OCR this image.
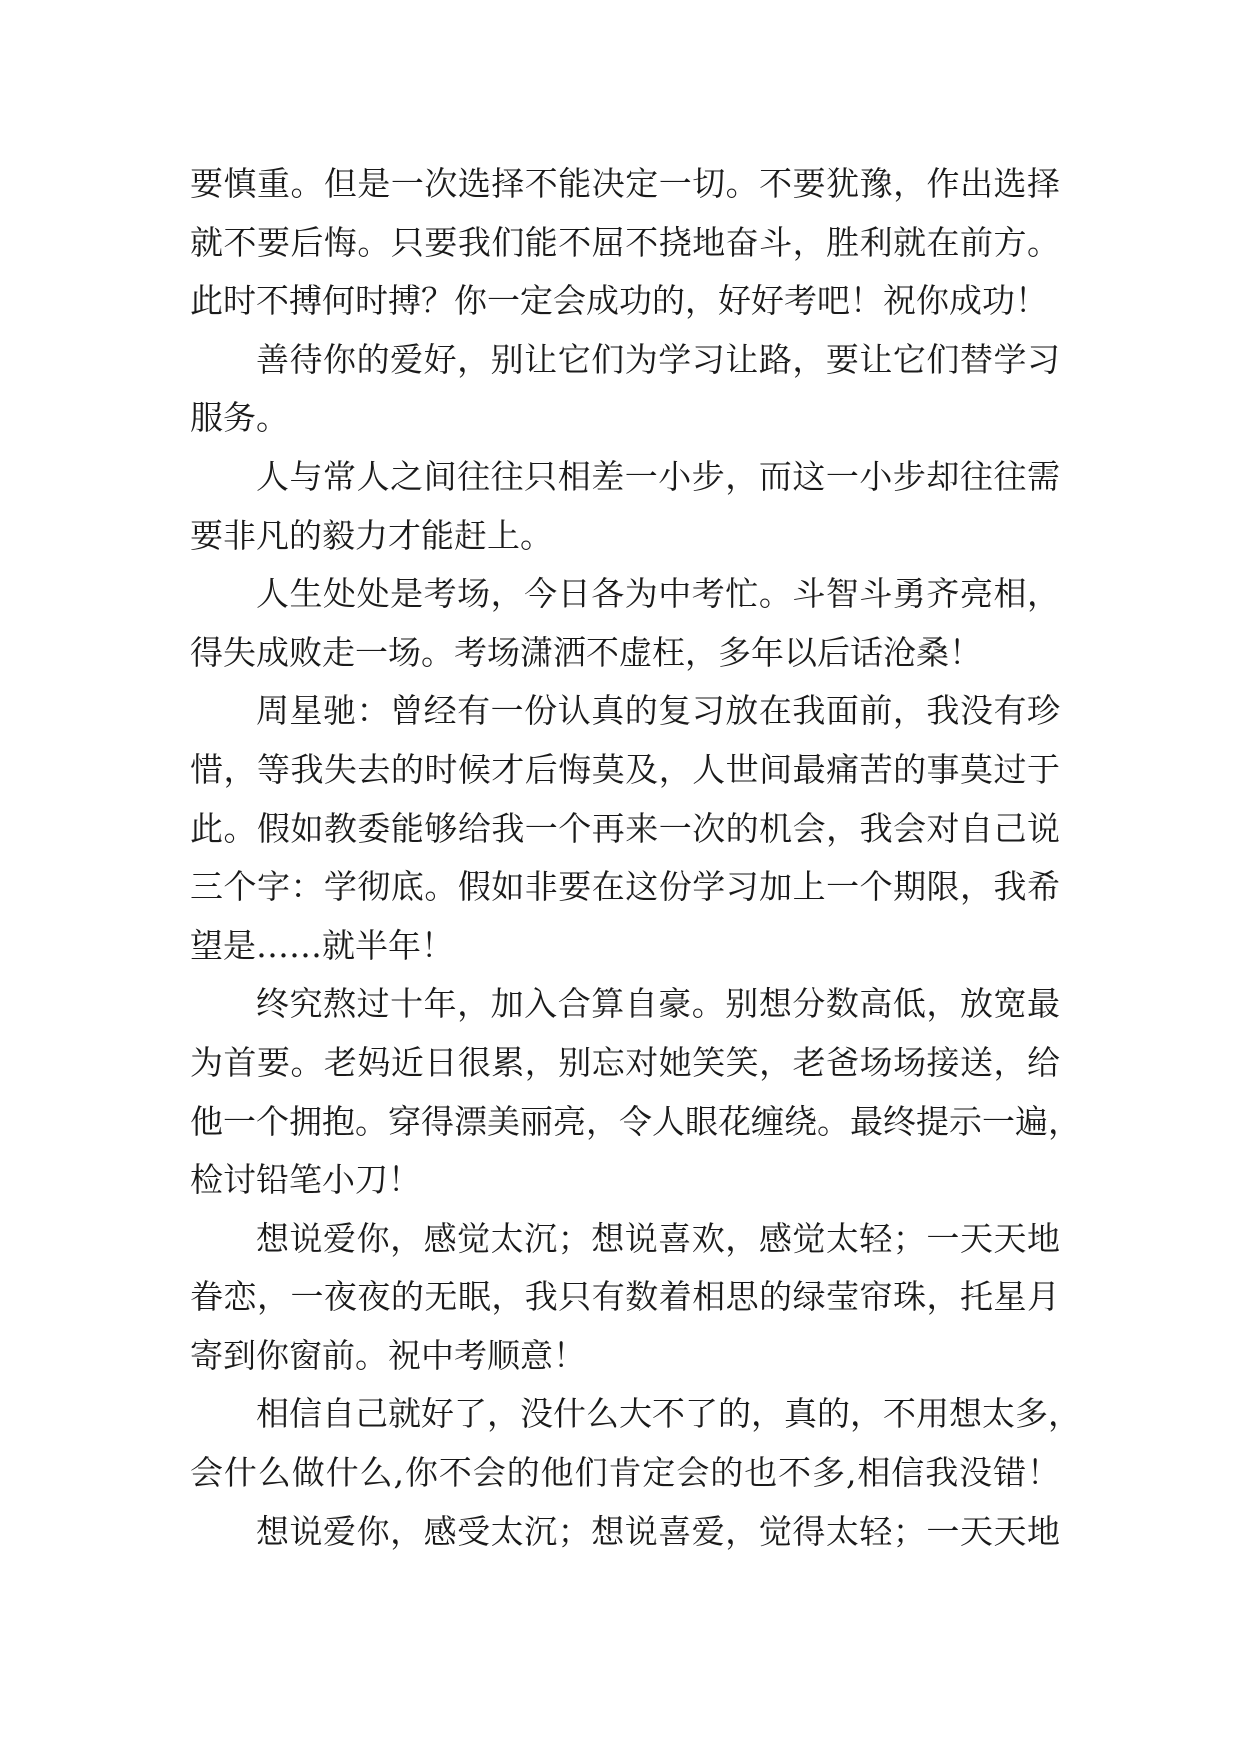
要慎重。但是一次选择不能决定一切。不要犹豫，作出选择
就不要后悔。只要我们能不屈不挠地奋斗，胜利就在前方。
此时不搏何时搏？你一定会成功的，好好考吧！祝你成功！
善待你的爱好，别让它们为学习让路，要让它们替学习
服务。
人与常人之间往往只相差一小步，而这一小步却往往需
要非凡的毅力才能赶上。
人生处处是考场，今日各为中考忙。斗智斗勇齐亮相，
得失成败走一场。考场潇洒不虚枉，多年以后话沧桑！
周星驰：曾经有一份认真的复习放在我面前，我没有珍
惜，等我失去的时候才后悔莫及，人世间最痛苦的事莫过于
此。假如教委能够给我一个再来一次的机会，我会对自己说
三个字：学彻底。假如非要在这份学习加上一个期限，我希
望是……就半年！
终究熬过十年，加入合算自豪。别想分数高低，放宽最
为首要。老妈近日很累，别忘对她笑笑，老爸场场接送，给
他一个拥抱。穿得漂美丽亮，令人眼花缠绕。最终提示一遍，
检讨铅笔小刀！
想说爱你，感觉太沉；想说喜欢，感觉太轻；一天天地
眷恋，一夜夜的无眠，我只有数着相思的绿莹帘珠，托星月
寄到你窗前。祝中考顺意！
相信自己就好了，没什么大不了的，真的，不用想太多，
会什么做什么,你不会的他们肯定会的也不多,相信我没错！
想说爱你，感受太沉；想说喜爱，觉得太轻；一天天地
